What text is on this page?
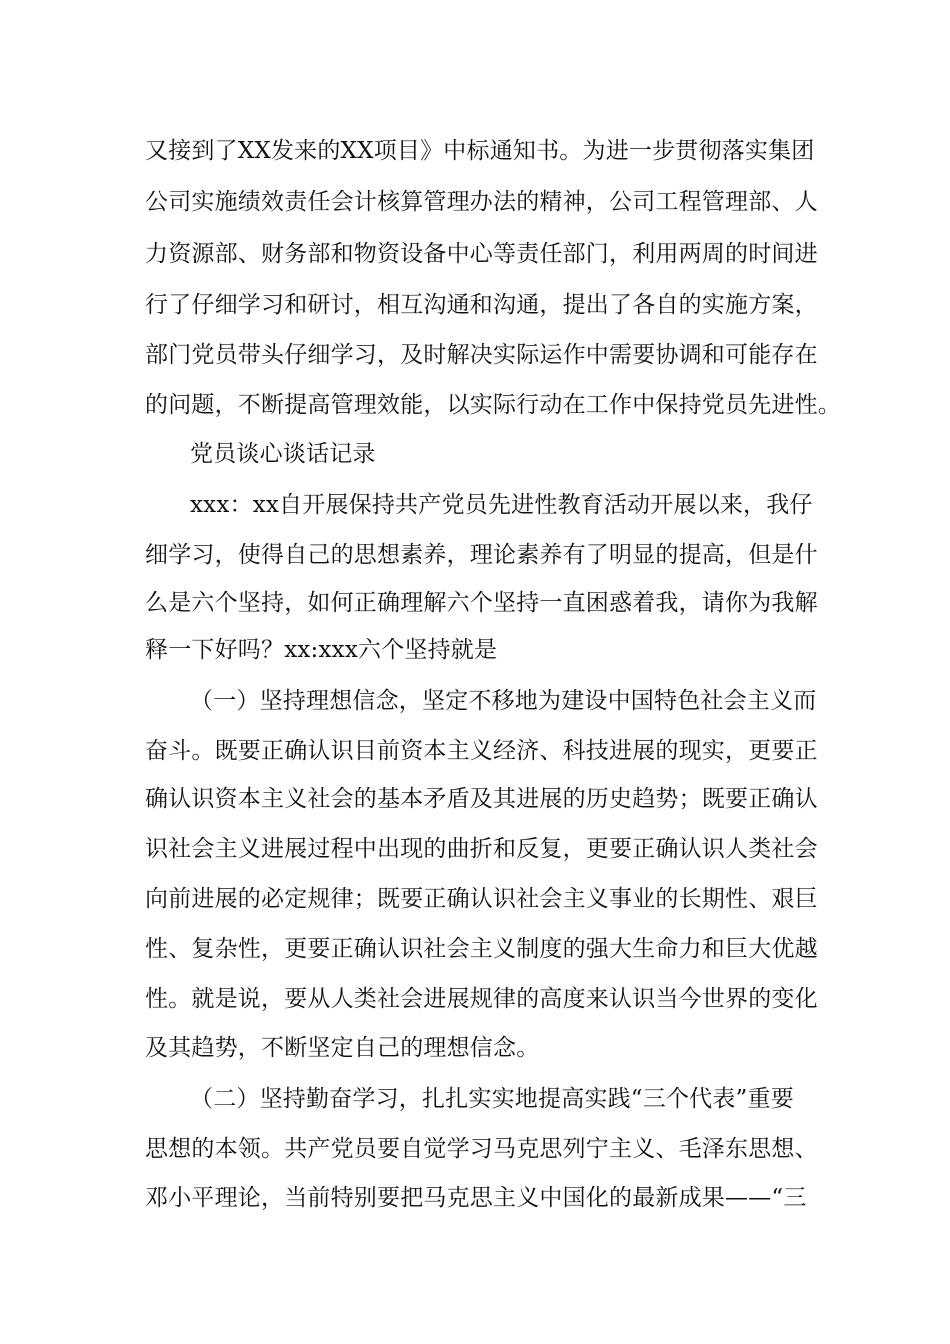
又接到了XX发来的XX项目》中标通知书。为进一步贯彻落实集团
公司实施绩效责任会计核算管理办法的精神，公司工程管理部、人
力资源部、财务部和物资设备中心等责任部门，利用两周的时间进
行了仔细学习和研讨，相互沟通和沟通，提出了各自的实施方案，
部门党员带头仔细学习，及时解决实际运作中需要协调和可能存在
的问题，不断提高管理效能，以实际行动在工作中保持党员先进性。
党员谈心谈话记录
xxx：xx自开展保持共产党员先进性教育活动开展以来，我仔
细学习，使得自己的思想素养，理论素养有了明显的提高，但是什
么是六个坚持，如何正确理解六个坚持一直困惑着我，请你为我解
释一下好吗？xx:xxx六个坚持就是
（一）坚持理想信念，坚定不移地为建设中国特色社会主义而
奋斗。既要正确认识目前资本主义经济、科技进展的现实，更要正
确认识资本主义社会的基本矛盾及其进展的历史趋势；既要正确认
识社会主义进展过程中出现的曲折和反复，更要正确认识人类社会
向前进展的必定规律；既要正确认识社会主义事业的长期性、艰巨
性、复杂性，更要正确认识社会主义制度的强大生命力和巨大优越
性。就是说，要从人类社会进展规律的高度来认识当今世界的变化
及其趋势，不断坚定自己的理想信念。
（二）坚持勤奋学习，扎扎实实地提高实践“三个代表”重要
思想的本领。共产党员要自觉学习马克思列宁主义、毛泽东思想、
邓小平理论，当前特别要把马克思主义中国化的最新成果——“三
